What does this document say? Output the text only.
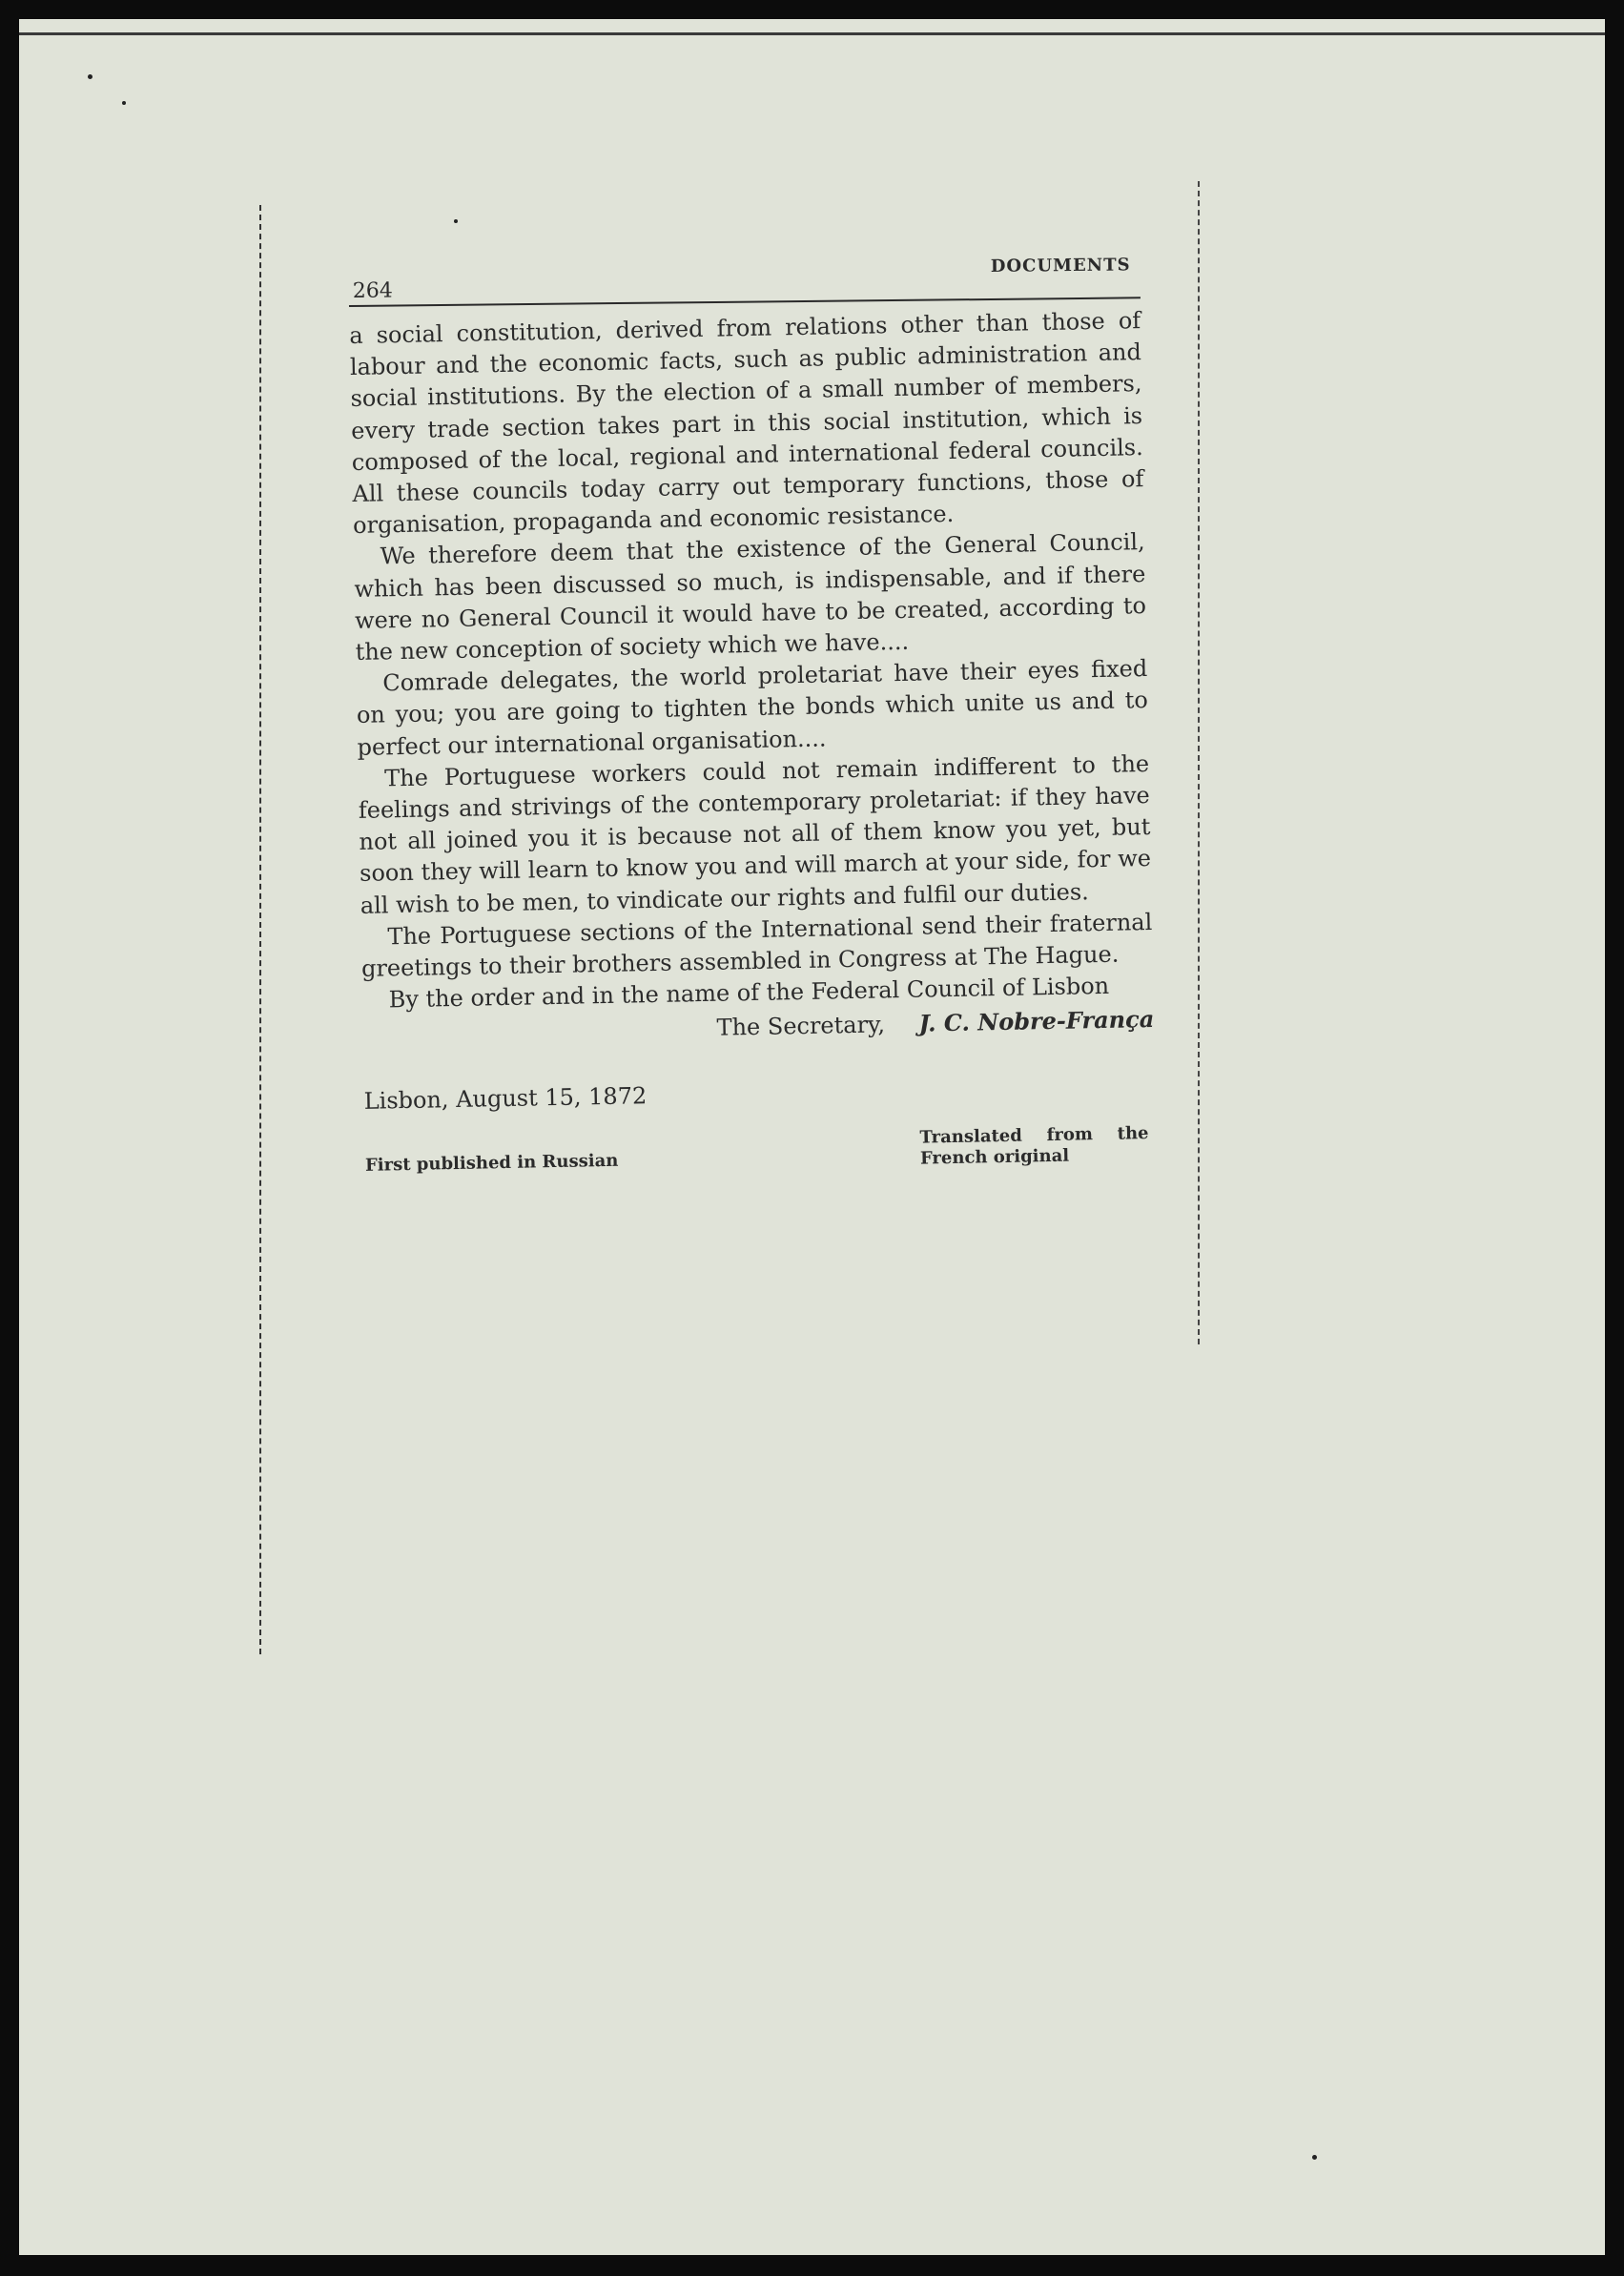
264
DOCUMENTS

a social constitution, derived from relations other than those of labour and the economic facts, such as public administration and social institutions. By the election of a small number of members, every trade section takes part in this social institution, which is composed of the local, regional and international federal councils. All these councils today carry out temporary functions, those of organisation, propaganda and economic resistance.

We therefore deem that the existence of the General Council, which has been discussed so much, is indispensable, and if there were no General Council it would have to be created, according to the new conception of society which we have....

Comrade delegates, the world proletariat have their eyes fixed on you; you are going to tighten the bonds which unite us and to perfect our international organisation....

The Portuguese workers could not remain indifferent to the feelings and strivings of the contemporary proletariat: if they have not all joined you it is because not all of them know you yet, but soon they will learn to know you and will march at your side, for we all wish to be men, to vindicate our rights and fulfil our duties.

The Portuguese sections of the International send their fraternal greetings to their brothers assembled in Congress at The Hague.

By the order and in the name of the Federal Council of Lisbon

The Secretary, J. C. Nobre-França
Lisbon, August 15, 1872
First published in Russian
Translated from the French original
